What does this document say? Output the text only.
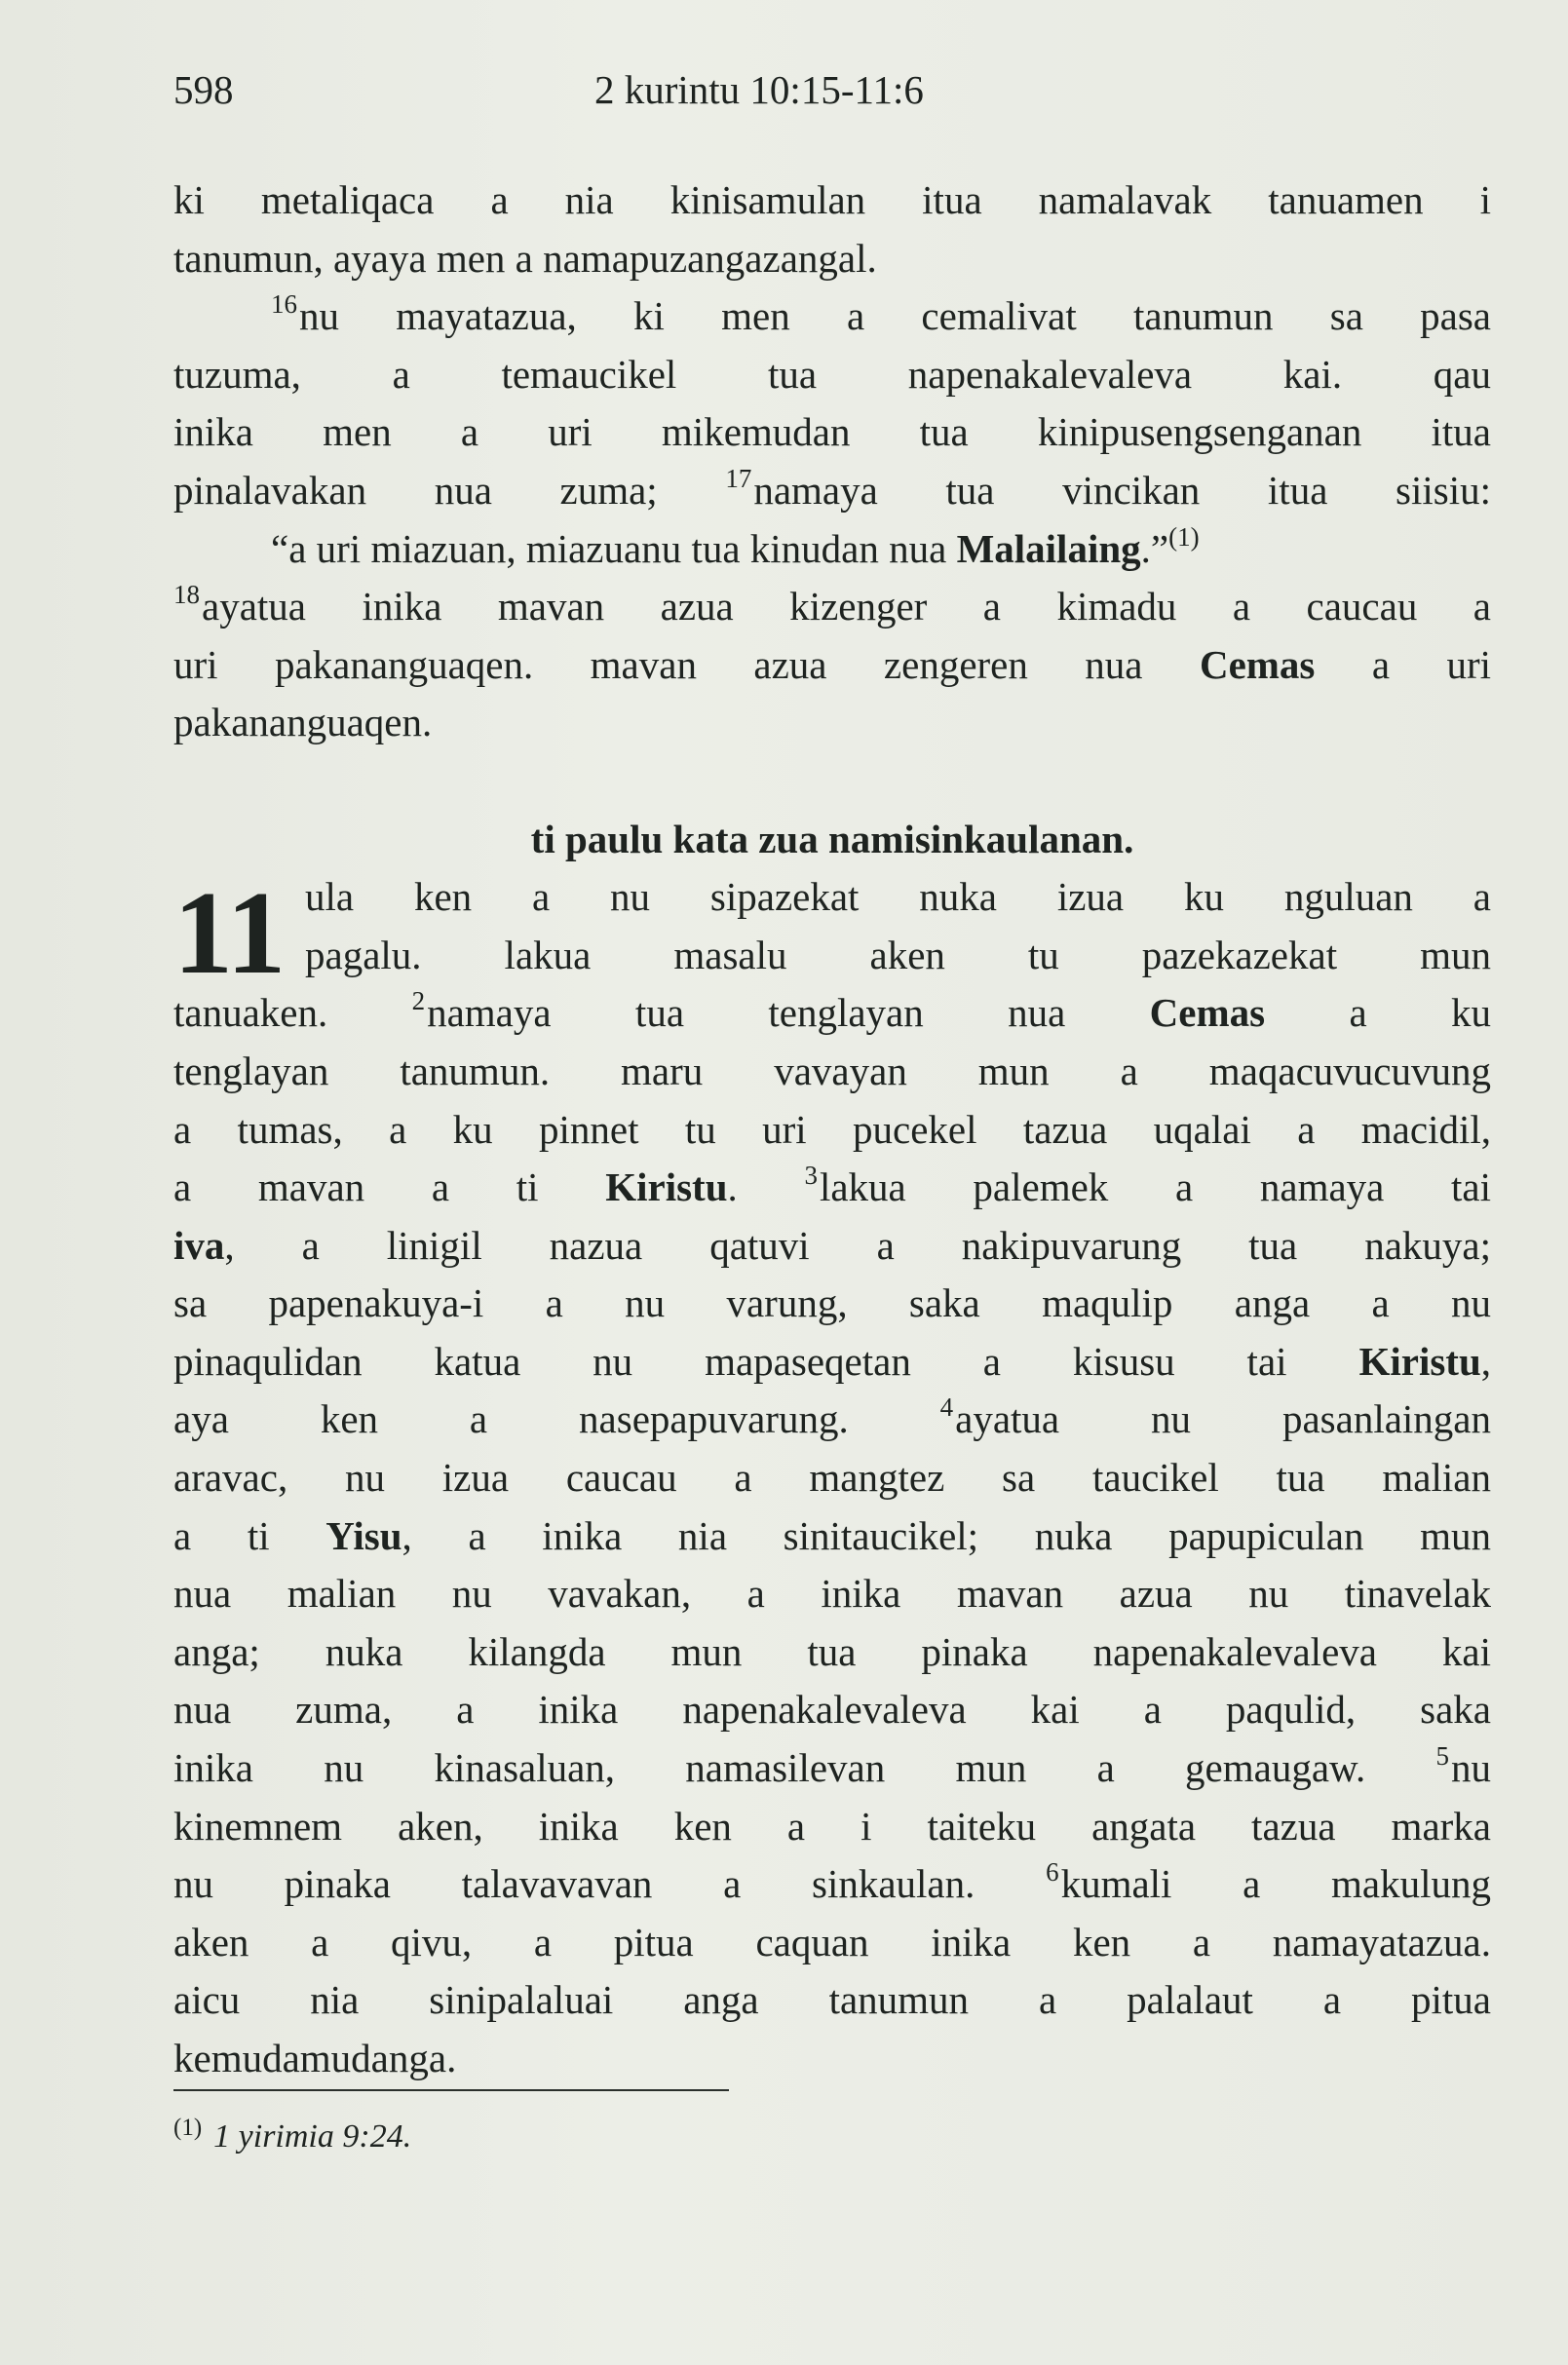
598	2 kurintu 10:15-11:6
ki metaliqaca a nia kinisamulan itua namalavak tanuamen i
tanumun, ayaya men a namapuzangazangal.
$^{16}$nu mayatazua, ki men a cemalivat tanumun sa pasa
tuzuma, a temaucikel tua napenakalevaleva kai. qau
inika men a uri mikemudan tua kinipusengsenganan itua
pinalavakan nua zuma;	$^{17}$namaya tua vincikan itua siisiu:
“a uri miazuan, miazuanu tua kinudan nua Malailaing.”$^{(1)}$
$^{18}$ayatua inika mavan azua kizenger a kimadu a caucau a
uri pakananguaqen. mavan azua zengeren nua Cemas a uri
pakananguaqen.
ti paulu kata zua namisinkaulanan.
11 ula ken a nu sipazekat nuka izua ku nguluan a
pagalu. lakua masalu aken tu pazekazekat mun
tanuaken.	$^2$namaya tua tenglayan nua Cemas a ku
tenglayan tanumun. maru vavayan mun a maqacuvucuvung
a tumas, a ku pinnet tu uri pucekel tazua uqalai a macidil,
a mavan a ti Kiristu.	$^3$lakua palemek a namaya tai
iva, a linigil nazua qatuvi a nakipuvarung tua nakuya;
sa papenakuya-i a nu varung, saka maqulip anga a nu
pinaqulidan katua nu mapaseqetan a kisusu tai Kiristu,
aya ken a nasepapuvarung.	$^4$ayatua nu pasanlaingan
aravac, nu izua caucau a mangtez sa taucikel tua malian
a ti Yisu, a inika nia sinitaucikel; nuka papupiculan mun
nua malian nu vavakan, a inika mavan azua nu tinavelak
anga; nuka kilangda mun tua pinaka napenakalevaleva kai
nua zuma, a inika napenakalevaleva kai a paqulid, saka
inika nu kinasaluan, namasilevan mun a gemaugaw.	$^5$nu
kinemnem aken, inika ken a i taiteku angata tazua marka
nu pinaka talavavavan a sinkaulan.	$^6$kumali a makulung
aken a qivu, a pitua caquan inika ken a namayatazua.
aicu nia sinipalaluai anga tanumun a palalaut a pitua
kemudamudanga.
$^{(1)}$ 1 yirimia 9:24.
